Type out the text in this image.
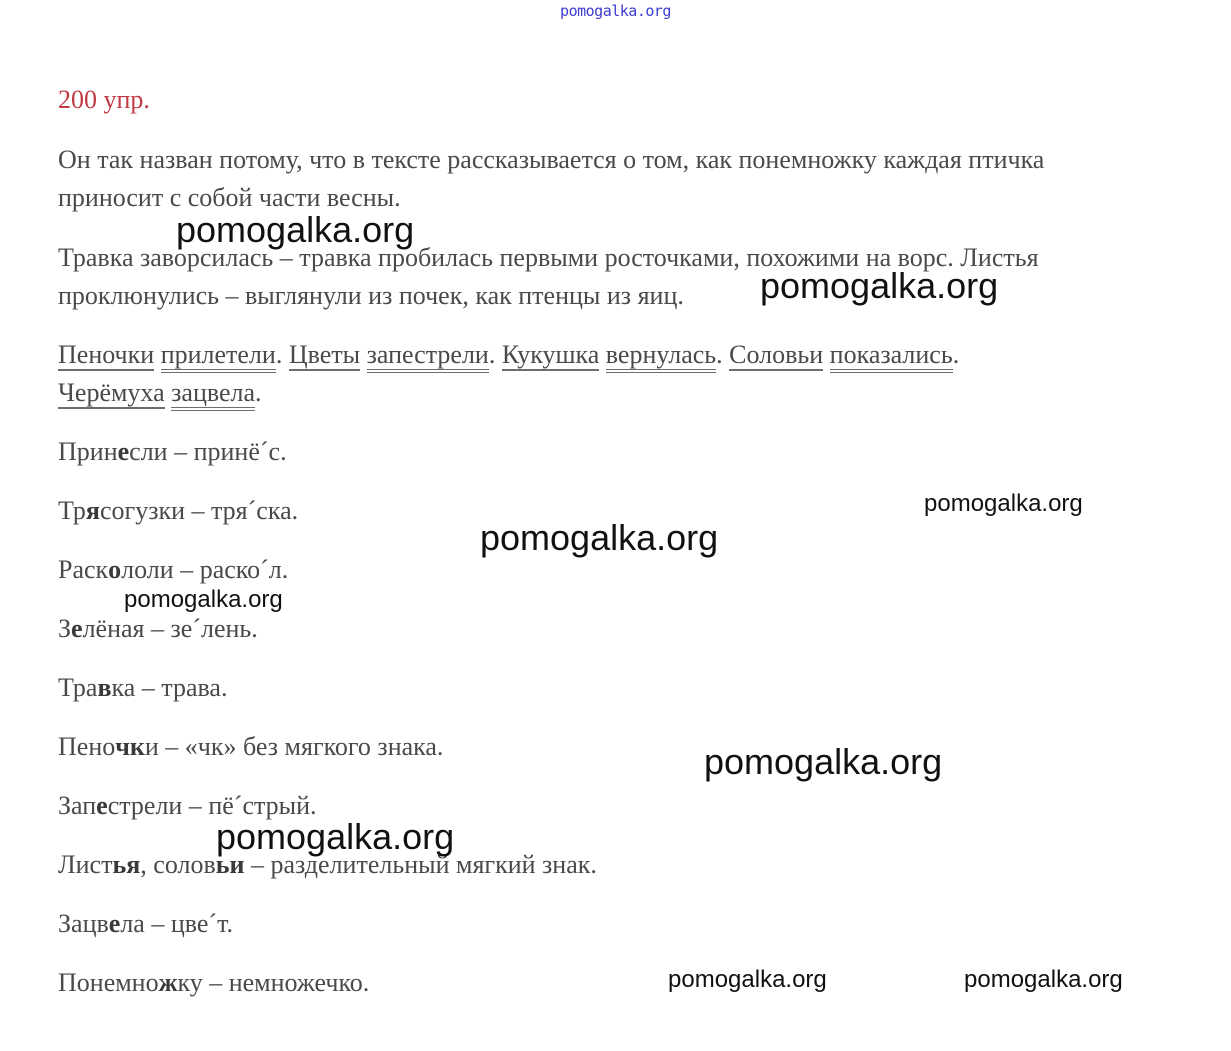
pomogalka.org
200 упр.
Он так назван потому, что в тексте рассказывается о том, как понемножку каждая птичка
приносит с собой части весны.
Травка заворсилась – травка пробилась первыми росточками, похожими на ворс. Листья
проклюнулись – выглянули из почек, как птенцы из яиц.
Пеночки прилетели. Цветы запестрели. Кукушка вернулась. Соловьи показались.
Черёмуха зацвела.
Принесли – принё´с.
Трясогузки – тря´ска.
Раскололи – раско´л.
Зелёная – зе´лень.
Травка – трава.
Пеночки – «чк» без мягкого знака.
Запестрели – пё´стрый.
Листья, соловьи – разделительный мягкий знак.
Зацвела – цве´т.
Понемножку – немножечко.
pomogalka.org
pomogalka.org
pomogalka.org
pomogalka.org
pomogalka.org
pomogalka.org
pomogalka.org
pomogalka.org	pomogalka.org
